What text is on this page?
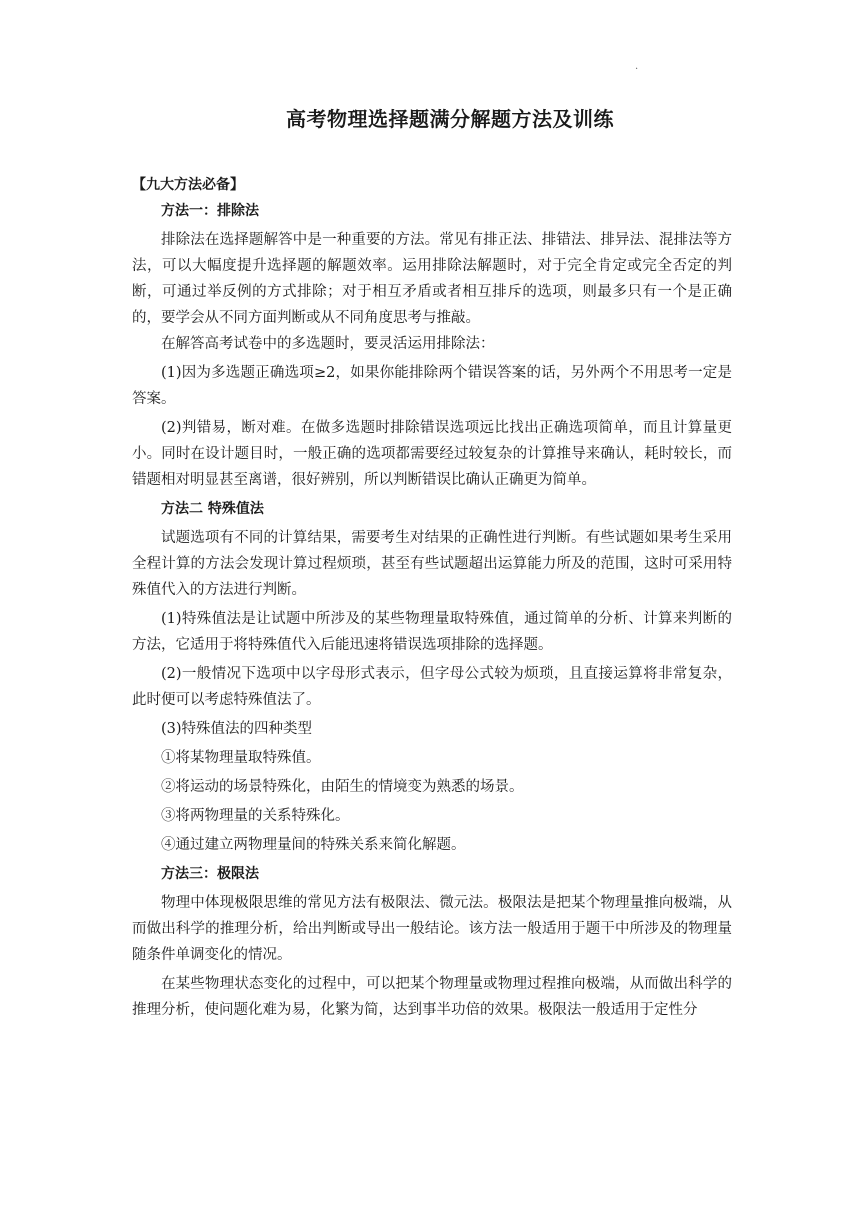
.
高考物理选择题满分解题方法及训练

【九大方法必备】

方法一：排除法

排除法在选择题解答中是一种重要的方法。常见有排正法、排错法、排异法、混排法等方法，可以大幅度提升选择题的解题效率。运用排除法解题时，对于完全肯定或完全否定的判断，可通过举反例的方式排除；对于相互矛盾或者相互排斥的选项，则最多只有一个是正确的，要学会从不同方面判断或从不同角度思考与推敲。

在解答高考试卷中的多选题时，要灵活运用排除法：

(1)因为多选题正确选项≥2，如果你能排除两个错误答案的话，另外两个不用思考一定是答案。

(2)判错易，断对难。在做多选题时排除错误选项远比找出正确选项简单，而且计算量更小。同时在设计题目时，一般正确的选项都需要经过较复杂的计算推导来确认，耗时较长，而错题相对明显甚至离谱，很好辨别，所以判断错误比确认正确更为简单。

方法二 特殊值法

试题选项有不同的计算结果，需要考生对结果的正确性进行判断。有些试题如果考生采用全程计算的方法会发现计算过程烦琐，甚至有些试题超出运算能力所及的范围，这时可采用特殊值代入的方法进行判断。

(1)特殊值法是让试题中所涉及的某些物理量取特殊值，通过简单的分析、计算来判断的方法，它适用于将特殊值代入后能迅速将错误选项排除的选择题。

(2)一般情况下选项中以字母形式表示，但字母公式较为烦琐，且直接运算将非常复杂，此时便可以考虑特殊值法了。

(3)特殊值法的四种类型

①将某物理量取特殊值。

②将运动的场景特殊化，由陌生的情境变为熟悉的场景。

③将两物理量的关系特殊化。

④通过建立两物理量间的特殊关系来简化解题。

方法三：极限法

物理中体现极限思维的常见方法有极限法、微元法。极限法是把某个物理量推向极端，从而做出科学的推理分析，给出判断或导出一般结论。该方法一般适用于题干中所涉及的物理量随条件单调变化的情况。

在某些物理状态变化的过程中，可以把某个物理量或物理过程推向极端，从而做出科学的推理分析，使问题化难为易，化繁为简，达到事半功倍的效果。极限法一般适用于定性分
